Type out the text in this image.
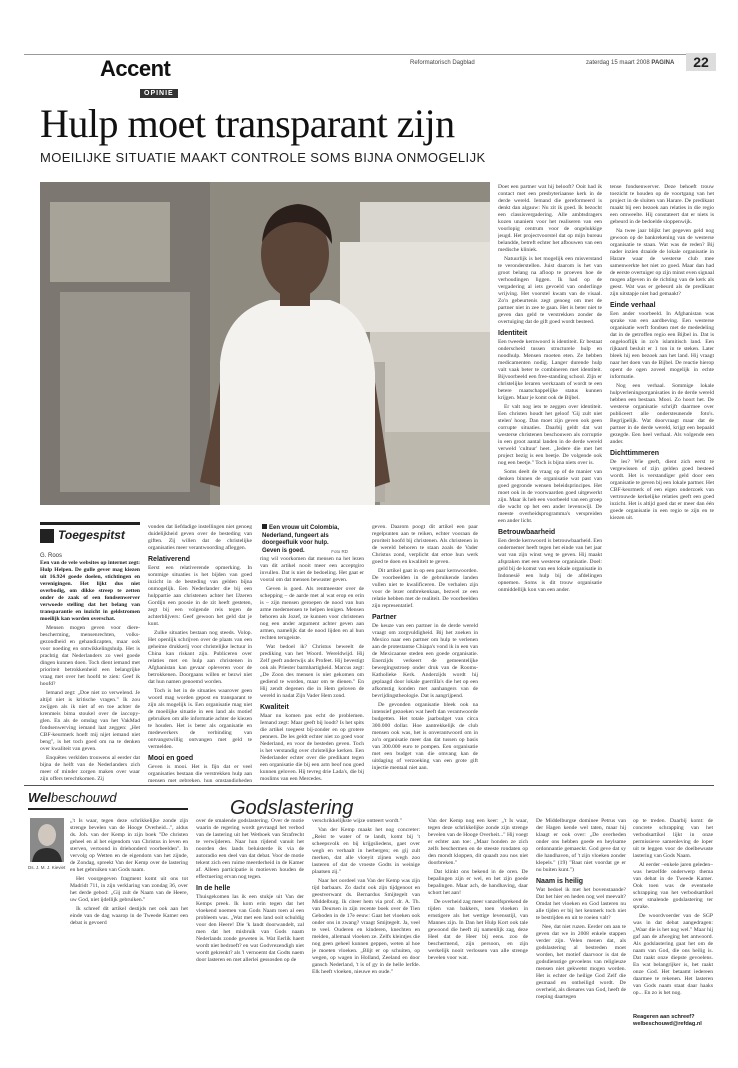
Accent
OPINIE
Reformatorisch Dagblad	zaterdag 15 maart 2008 PAGINA	22
Hulp moet transparant zijn
MOEILIJKE SITUATIE MAAKT CONTROLE SOMS BIJNA ONMOGELIJK
Toegespitst
G. Roos
Een vrouw uit Colombia, Nederland, fungeert als doorgeefluik voor hulp. Geven is goed.	Foto RD

Een van de vele websites op internet zegt: Hulp Helpen. De gulle gever mag kiezen uit 16.924 goede doelen, stichtingen en verenigingen. Het lijkt dus niet overbodig, om dikke streep te zetten onder de zaak of een fondsenwerver verwoede stelling dat het belang van transparantie en inzicht in geldstromen moeilijk kan worden overschat.

Mensen mogen geven voor diere-bescherming, mensenrechten, volks-gezondheid en gehandicapten, maar ook voor noeding en ontwikkelingshulp. Het is prachtig dat Nederlanders zo veel goede dingen kunnen doen. Toch dient iemand met prioriteit betrokkenheid een belangrijke vraag met over het hoofd te zien: Geef ik hoofd?

Iemand zegt: „Doe niet zo verwelend. Je altijd niet is kritische vragen." Ik zou zwijgen als ik niet af en toe achter de krenmeis bima stoukel over de iaccopy-glen. En als de omslag van het VakMad fondsenwerving iemand laat zeggen: „Het CBF-keurmerk hoeft mij nijet iemand niet beng", is het toch goed om na te denken over kwaliteit van geven.

Enquêtes verklden trouwens al eerder dat bijna de helft van de Nederlanders zich meer of minder zorgen maken over waar zijn offers terechtkomen. Zij

vonden dat liefdadige instellingen niet genoeg duidelijkheid geven over de besteding van giften. Zij willen dat de christelijke organisaties meer verantwoording afleggen.

Relativerend

Eerst een relativerende opmerking. In sommige situaties is het bijden van goed inzicht in de besteding van gelden bijna onmogelijk. Een Nederlander die bij een hulppartie aan christenen achter het IJzeren Gordijn een poosie in de zit heeft gesteten, zegt bij een volgende reis tegen de achterblijvers: Geef gewoon het geld dat je kunt.

Zulke situaties bestaan nog steeds. Volop. Het openlijk schrijven over de plaats van een geheime drukkerij voor christelijke lectuur in China kan riskant zijn. Publiceren over relaties met en hulp aan christenen in Afghanistan kan gevaar opleveren voor de betrokkenen. Doorgaans willen er bezwi niet dat hun namen genoemd worden.

Toch is het in de situaties waarover geen woord mag worden gepost en transparant te zijn als mogelijk is. Een organisatie mag niet de moeilijke situatie in een land als motief gebruiken om alle informatie achter de kiezen te houden. Het is beter als organisatie en medewerkers de verbinding van ontvangstwillig ontvangen met geld te vermelden.

Mooi en goed

Geven is mooi. Het is fijn dat er veel organisaties bestaan die verstrekken hulp aan mensen met gebreken, hun omstandigheden

ring wil voorkomen dat mensen na het lezen van dit artikel nooit meer een acceptgiro invullen. Dat is niet de bedoeling. Het gaat er vooral om dat mensen bewuster geven.

Geven is goed. Als rentmeester over de schepping – de aarde met al wat erop en erin is – zijn mensen geroepen de nood van hun arme medemensen te helpen lenigen. Mensen behoren als Jozef, ze kunnen voor christenen nog een ander argument achter geven aan armen, namelijk dat de nood lijden en al hun rechten terugeiste.

Wat bedoel ik? Christus beweelt de prediking van het Woord. Wereldwijd. Hij Zelf geeft anderwijs als Profeet. Hij bevestigt ook als Priester barmhartigheid. Marcus zegt: „De Zoon des mensen is niet gekomen om gediend te worden, maar om te dienen." En Hij zendt degenen die in Hem geloven de wereld in nadat Zijn Vader Hem zond.

Kwaliteit

Maar nu komen pas echt de problemen. Iemand zegt: Maar geeft bij loodt? Is het spits die artikel toegeest bij-zonder en op grotere penners. De les geldt echter niet zo goed voor Nederland, en voor de besteden geven. Toch is het verstandig over christelijke kerken. Een Nederlander echter over die predikant tegen een organisatie die bij een arm beof nou goed kunnen geloven. Hij tevreg drie Lada's, die bij moslims van een Mercedes.

geven. Daarom poogt dit artikel een paar regelpunten aan te reiken, echter vooraan de proriteit hoofd bij christenen. Als christenen in de wereld behoren te staan zoals de Vader Christus zond, verplicht dat ertoe hun werk goed te doen en kwaliteit te geven.

Dit artikel gaat in op een paar kernwoorden. De voorbeelden in de gebruikende landen vullen niet te kwalificeren. De verhalen zijn voor de lezer ontbrekenkaas, bezwel ze een relatie hebben met de realiteit. De voorbeelden zijn representatief.

Partner

De keuze van een partner in de derde wereld vraagt om zorgvuldigheid. Bij het zoeken in Mexico naar een partner om hulp te verlenen aan de protestantse Chiapa's vond ik in een van de Mexicaanse steden een goede organisatie. Enerzijds verkeert de gemeentelijke bewegingsstroep onder druk van de Rooms-Katholieke Kerk. Anderzijds wordt hij geplaagd door lokale guerrilla's die het op een afkomstig konden met aanhangers van de bevrijdingstheologie. Dat is aangrijpend.

De gevonden organisatie bleek ook na intensief gezoeken wat heeft dan verantwoorde budgetten. Het totale jaarbudget van circa 300.000 dollar. Hoe aantrekkelijk de club mensen ook was, het is onverantwoord om in zo'n organisatie meer dan dat tussen op basis van 300.000 euro te pompen. Een organisatie met een budget van die omvang kan de uitdaging of verzoeking van een grote gift injectie mentaal niet aan.

Doet een partner wat hij belooft? Ooit had ik contact met een presbyteriaanse kerk in de derde wereld. Iemand die gereformeerd is denkt dan algauw: Nu zit ik goed. Ik bezocht een classisvergadering. Alle ambtsdragers kozen unaniem voor het realiseren van een voorlopig centrum voor de ongelukkige jeugd. Het projectvoorstel dat op mijn bureau belandde, betreft echter het afbouwen van een medische kliniek.

Natuurlijk is het mogelijk een misverstand te veronderstellen. Juist daarom is het van groot belang na afloop te proeven hoe de verhoudingen liggen. Ik had op de vergadering al iets gevoeld van onderlinge wrijving. Het voorstel kwam van de visaal. Zo'n gebeurtenis zegt genoeg om met de partner niet in zee te gaan. Het is beter niet te geven dan geld te verstrekken zonder de overtuiging dat de gift goed wordt besteed.

Identiteit

Een tweede kernwoord is identiteit. Er bestaat onderscheid tussen structurele hulp en noodhulp. Mensen moeten eten. Ze hebben medicamenten nodig. Langer durende hulp valt vaak beter te combineren met identiteit. Bijvoorbeeld een free-standing school. Zijn er christelijke leraren werkzaam of wordt te een betere maatschappelijke status kunnen krijgen. Maar je komt ook de Bijbel.

Er valt nog iets te zeggen over identiteit. Een christen houdt het geloof 'Gij zult niet stelen' hoog. Dan moet zijn geven ook geen corrupte situaties. Daarbij geldt dat wat westerse christenen beschouwen als corruptie in een groot aantal landen in de derde wereld verweld 'cultuur' heet. „Iedere die met het project bezig is een beetje. De volgende ook nog een beetje." Toch is bijna niets over is.

Soms deelt de vraag op of de manier van denken binnen de organisatie wat past van goed gegronde wensen beleidsprincipes. Het moet ook in de voorwaarden goed uitgewerkt zijn. Maar ik heb een voorbeeld van een groep die wacht op het een ander levenswijl. De meeste overheidsprogramma's verspreiden een ander licht.

Betrouwbaarheid

Een derde kernwoord is betrouwbaarheid. Een ondernemer heeft tegen het einde van het jaar wat van zijn winst weg te geven. Hij maakt afspraken met een westerse organisatie. Doel: geld bij de komst van een lokale organisatie in Indonesië een hulp bij de afdelingen opnemen. Soms is dit trouw organisatie onmiddellijk kon van een ander.

tense fondsenwerver. Deze behoeft trouw toezicht te houden op de voortgang van het project in de sluiten van Harare. De predikant maakt bij een bezoek aan relaties in die regio een omweelte. Hij constateert dat er niets is gebeurd in de bedoelde sloppenwijk.

Na twee jaar blijkt het gegeven geld nog gewoon op de bankrekening van de westerse organisatie te staan. Wat was de reden? Bij nader inzien draaide de lokale organisatie in Harare waar de westerse club mee samenwerkte het niet zo goed. Maar dan had de eerste overtuiger op zijn minst even signaal mogen afgeven in de richting van de kerk als geest. Wat was er gebeurd als de predikant zijn uitstapje niet had gemaakt?

Einde verhaal

Een ander voorbeeld. In Afghanistan was sprake van een aardbeving. Een westerse organisatie werft fondsen met de mededeling dat in de getroffen regio een Bijbel in. Dat is ongelooflijk in zo'n islamitisch land. Een rijkaard besluit er 1 ton in te steken. Later bleek hij een bezoek aan het land. Hij vraagt naar het doen van de Bijbel. De reactie hierop opent de ogen zoveel mogelijk in echte informatie.

Nog een verhaal. Sommige lokale hulpverleningsorganisaties in de derde wereld hebben een bestaan. Mooi. Zo hoort het. De westerse organisatie schrijft daarmee over publiceert alle ondersteunende foto's. Begrijpelijk. Wat doorvraagt maar dat de partner in de derde wereld, krijgt een bepaald gezegde. Een heel verhaal. Als volgende een ander.

Dichttimmeren

De les? Wie geeft, dient zich eerst te vergewissen of zijn gelden goed besteed wordt. Het is verstandiger geld door een organisatie te geven bij een lokale partner. Het CBF-keurmerk of een eigen onderzoek van vertrouwde kerkelijke relaties geeft een goed inzicht. Het is altijd goed dat er meer dan één goede organisatie in een regio te zijn en te kiezen uit.

Welbeschouwd	Godslastering
Ds. J. M. J. Kieviet

„'t Is waar, tegen deze schrikkelijke zonde zijn strenge bevelen van de Hooge Overheid...", aldus ds. Joh. van der Kemp in zijn boek "De christen geheel en al het eigendom van Christus in leven en sterven, vertoond in driehonderd voorbeelden". In vervolg op Wetten en de eigendom van het zijnde, de Zondag, spreekt Van der Kemp over de lastering en het gebruiken van Gods naam.

Het voorgegeven fragment komt uit ons tot Madridt 711, in zijn verklaring van zondag 36, over het derde gebod: „Gij zult de Naam van de Heere, uw God, niet ijdellijk gebruiken."

Ik schreef dit artikel destijds net ook aan het einde van de dag waarop in de Tweede Kamer een debat is gevoerd

over de smalende godslastering. Over de motie waarin de regering wordt gevraagd het verbod van de lastering uit het Wetboek van Strafrecht te verwijderen. Naar hun rijdend vanuit het noorden des lands beluisterde ik via de autoradio een deel van dat debat. Voor de motie tekent zich een ruime meerderheid in de Kamer af. Alleen participatie is motieven houden de effectuering ervan nog tegen.

In de helle

Thuisgekomen las ik een stukje uit Van der Kemps preek. Ik kom erin tegen dat het vloekend noemen van Gods Naam toen al een probleem was. „Wat met een land ooit schuldig voor den Heere! Die 'k landt doorwandelt, zal men dat het misbruik van Gods naam Nederlands zonde geweten is. Wat Eerlik haert wordt niet bedroeft? en wat Godvrezendigh niet wordt gekrenkt? als 'l vernoemt dat Godts naem door lasteren en met allerlei gessosden op de

verschrikkelijkste wijze ontteert wordt."

Van der Kemp maakt het nog concreter: „Reist te water of te landt, komt bij 't scheepsvolk en bij krijgsliedens, gaet over wegh en verhaalt in herbergen; en gij zult merken, dat alle vloeyit zijnen wegh zoo lasteren of dat de vroeste Godts in weinige plaatsen zij."

Naar het oordeel van Van der Kemp was zijn tijd barbaars. Zo dacht ook zijn tijdgenoot en geestverwant ds. Bernardus Smijtegelt van Middelburg. Ik citeer hem via prof. dr. A. Th. van Deursen in zijn recente boek over de Tien Geboden in de 17e eeuw: Gaat het vloeken ook onder ons in zwang? vraagt Smijtegelt. Ja, veel te veel. Ouderen en kinderen, knechten en meiden, allemaal vloeken ze. Zelfs kleintjes die nog geen geheel kunnen geppen, weten al hoe je moeten vloeken. „Blijt er op schuiten, op wegen, op wagen in Holland, Zeeland en door gansch Nederland, 't is of gy in de helle lerfde. Elk heeft vloeken, nieuwe en oude."

Van der Kemp nog een keer: „'t Is waar, tegen deze schrikkelijke zonde zijn strenge bevelen van de Hooge Overheit..." Hij voegt er echter aan toe: „Maar honden ze zich zelfs beschermen en de steeste rondaten op den mondt kloppen, dit quaadt zou nos niet doorbreken."

Dat klinkt ons bekend in de oren. De bepalingen zijn er wel, en het zijn goede bepalingen. Maar ach, de handhaving, daar schort het aan!

De overheid zag meer vanzelfsprekend de tijden van bakkers, toen vloeken in ernstigere als het wettige levensstijl, van Mannes zijn. In Dan het Hulp Kort ook tale gewoond die heeft zij namenlijk zag, deze Heel dat de Heer bij eens. zoo de beschermend, zijn persoon, en zijn werkelijk nooit verlossen van alle strenge bevelen voor wat.

De Middelburgse dominee Petrus van der Hagen kende wel taten, maar hij klaagt er ook over: „De overheden onder ons hebben goede en heylsame ordonnantie gemaeckt. God geve dat sy die handhaven, of 't zijn vloeken zonder klepels." (19) "Baat niet voordat ge er nu buiten kunt.")

Naam is heilig

Wat bedoel ik met het bovenstaande? Dat het hier en heden nog wel meevalt? Omdat het vloeken en God lasteren nu alle tijden er bij het kenmerk toch niet te bestrijden en uit te roeien valt?

Nee, dat niet ruzen. Eerder om aan te geven dat we in 2008 enkele stappen verder zijn. Velen menen dat, als godslastering al bestreden moet worden, het motief daarvoor is dat de godsdienstige gevoelens van religieuze mensen niet gekwetst mogen worden. Het is echter de heilige God Zelf die gesmaad en ontheiligd wordt. De overheid, als dienares van God, heeft de roeping daartegen

op te treden. Daarbij komt: de concrete schrapping van het verbodsartikel lijkt in onze permissieve samenleving de loper uit te leggen voor de doelbewuste lastering van Gods Naam.

Al eerder –enkele jaren geleden– was hetzelfde onderwerp thema van debat in de Tweede Kamer. Ook toen was de eventuele schrapping van het verbodsartikel over smalende godslastering ter sprake.

De woordvoerder van de SGP was in dat debat aangedragen: „Waar die is het nog wel." Maar hij gaf aan de afweging het antwoord. Als godslastering gaat het om de naam van God, die ons heilig is. Dat raakt onze diepste gevoelens. En wat belangrijker is, het raakt onze God. Het betaamt iedereen daarmee te rekenen. Het lasteren van Gods naam staat daar haaks op... En zo is het nog.

Reageren aan schreef? welbeschouwd@refdag.nl
